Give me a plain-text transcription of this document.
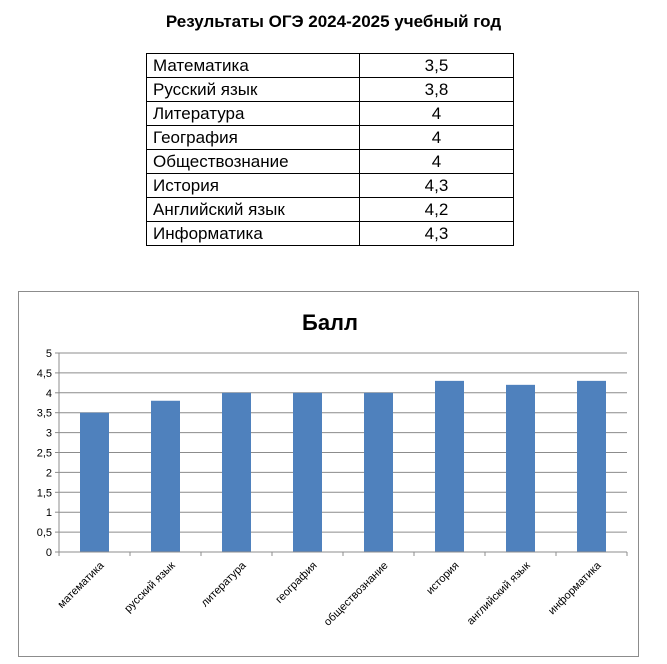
Результаты ОГЭ 2024-2025 учебный год
Математика	3,5
Русский язык	3,8
Литература	4
География	4
Обществознание	4
История	4,3
Английский язык	4,2
Информатика	4,3
Балл
0
0,5
1
1,5
2
2,5
3
3,5
4
4,5
5
математика русский язык литература география обществознание	история английский язык информатика
